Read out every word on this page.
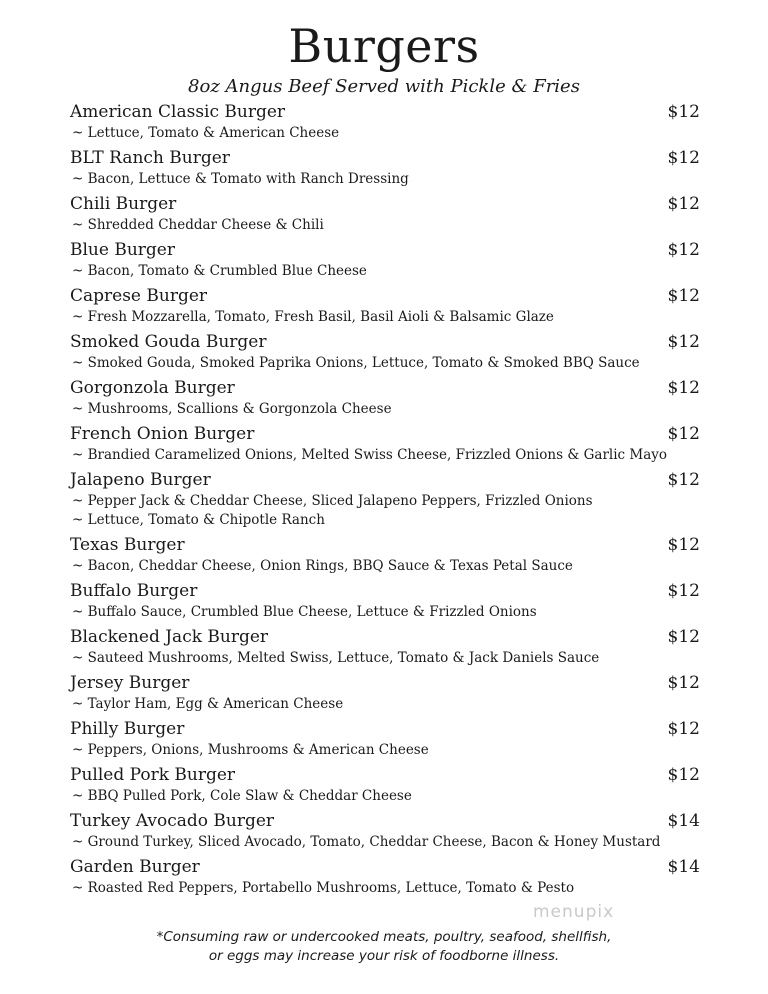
Burgers
8oz Angus Beef Served with Pickle & Fries
American Classic Burger	$12
~ Lettuce, Tomato & American Cheese
BLT Ranch Burger	$12
~ Bacon, Lettuce & Tomato with Ranch Dressing
Chili Burger	$12
~ Shredded Cheddar Cheese & Chili
Blue Burger	$12
~ Bacon, Tomato & Crumbled Blue Cheese
Caprese Burger	$12
~ Fresh Mozzarella, Tomato, Fresh Basil, Basil Aioli & Balsamic Glaze
Smoked Gouda Burger	$12
~ Smoked Gouda, Smoked Paprika Onions, Lettuce, Tomato & Smoked BBQ Sauce
Gorgonzola Burger	$12
~ Mushrooms, Scallions & Gorgonzola Cheese
French Onion Burger	$12
~ Brandied Caramelized Onions, Melted Swiss Cheese, Frizzled Onions & Garlic Mayo
Jalapeno Burger	$12
~ Pepper Jack & Cheddar Cheese, Sliced Jalapeno Peppers, Frizzled Onions
~ Lettuce, Tomato & Chipotle Ranch
Texas Burger	$12
~ Bacon, Cheddar Cheese, Onion Rings, BBQ Sauce & Texas Petal Sauce
Buffalo Burger	$12
~ Buffalo Sauce, Crumbled Blue Cheese, Lettuce & Frizzled Onions
Blackened Jack Burger	$12
~ Sauteed Mushrooms, Melted Swiss, Lettuce, Tomato & Jack Daniels Sauce
Jersey Burger	$12
~ Taylor Ham, Egg & American Cheese
Philly Burger	$12
~ Peppers, Onions, Mushrooms & American Cheese
Pulled Pork Burger	$12
~ BBQ Pulled Pork, Cole Slaw & Cheddar Cheese
Turkey Avocado Burger	$14
~ Ground Turkey, Sliced Avocado, Tomato, Cheddar Cheese, Bacon & Honey Mustard
Garden Burger	$14
~ Roasted Red Peppers, Portabello Mushrooms, Lettuce, Tomato & Pesto
menupix
*Consuming raw or undercooked meats, poultry, seafood, shellfish,
or eggs may increase your risk of foodborne illness.
